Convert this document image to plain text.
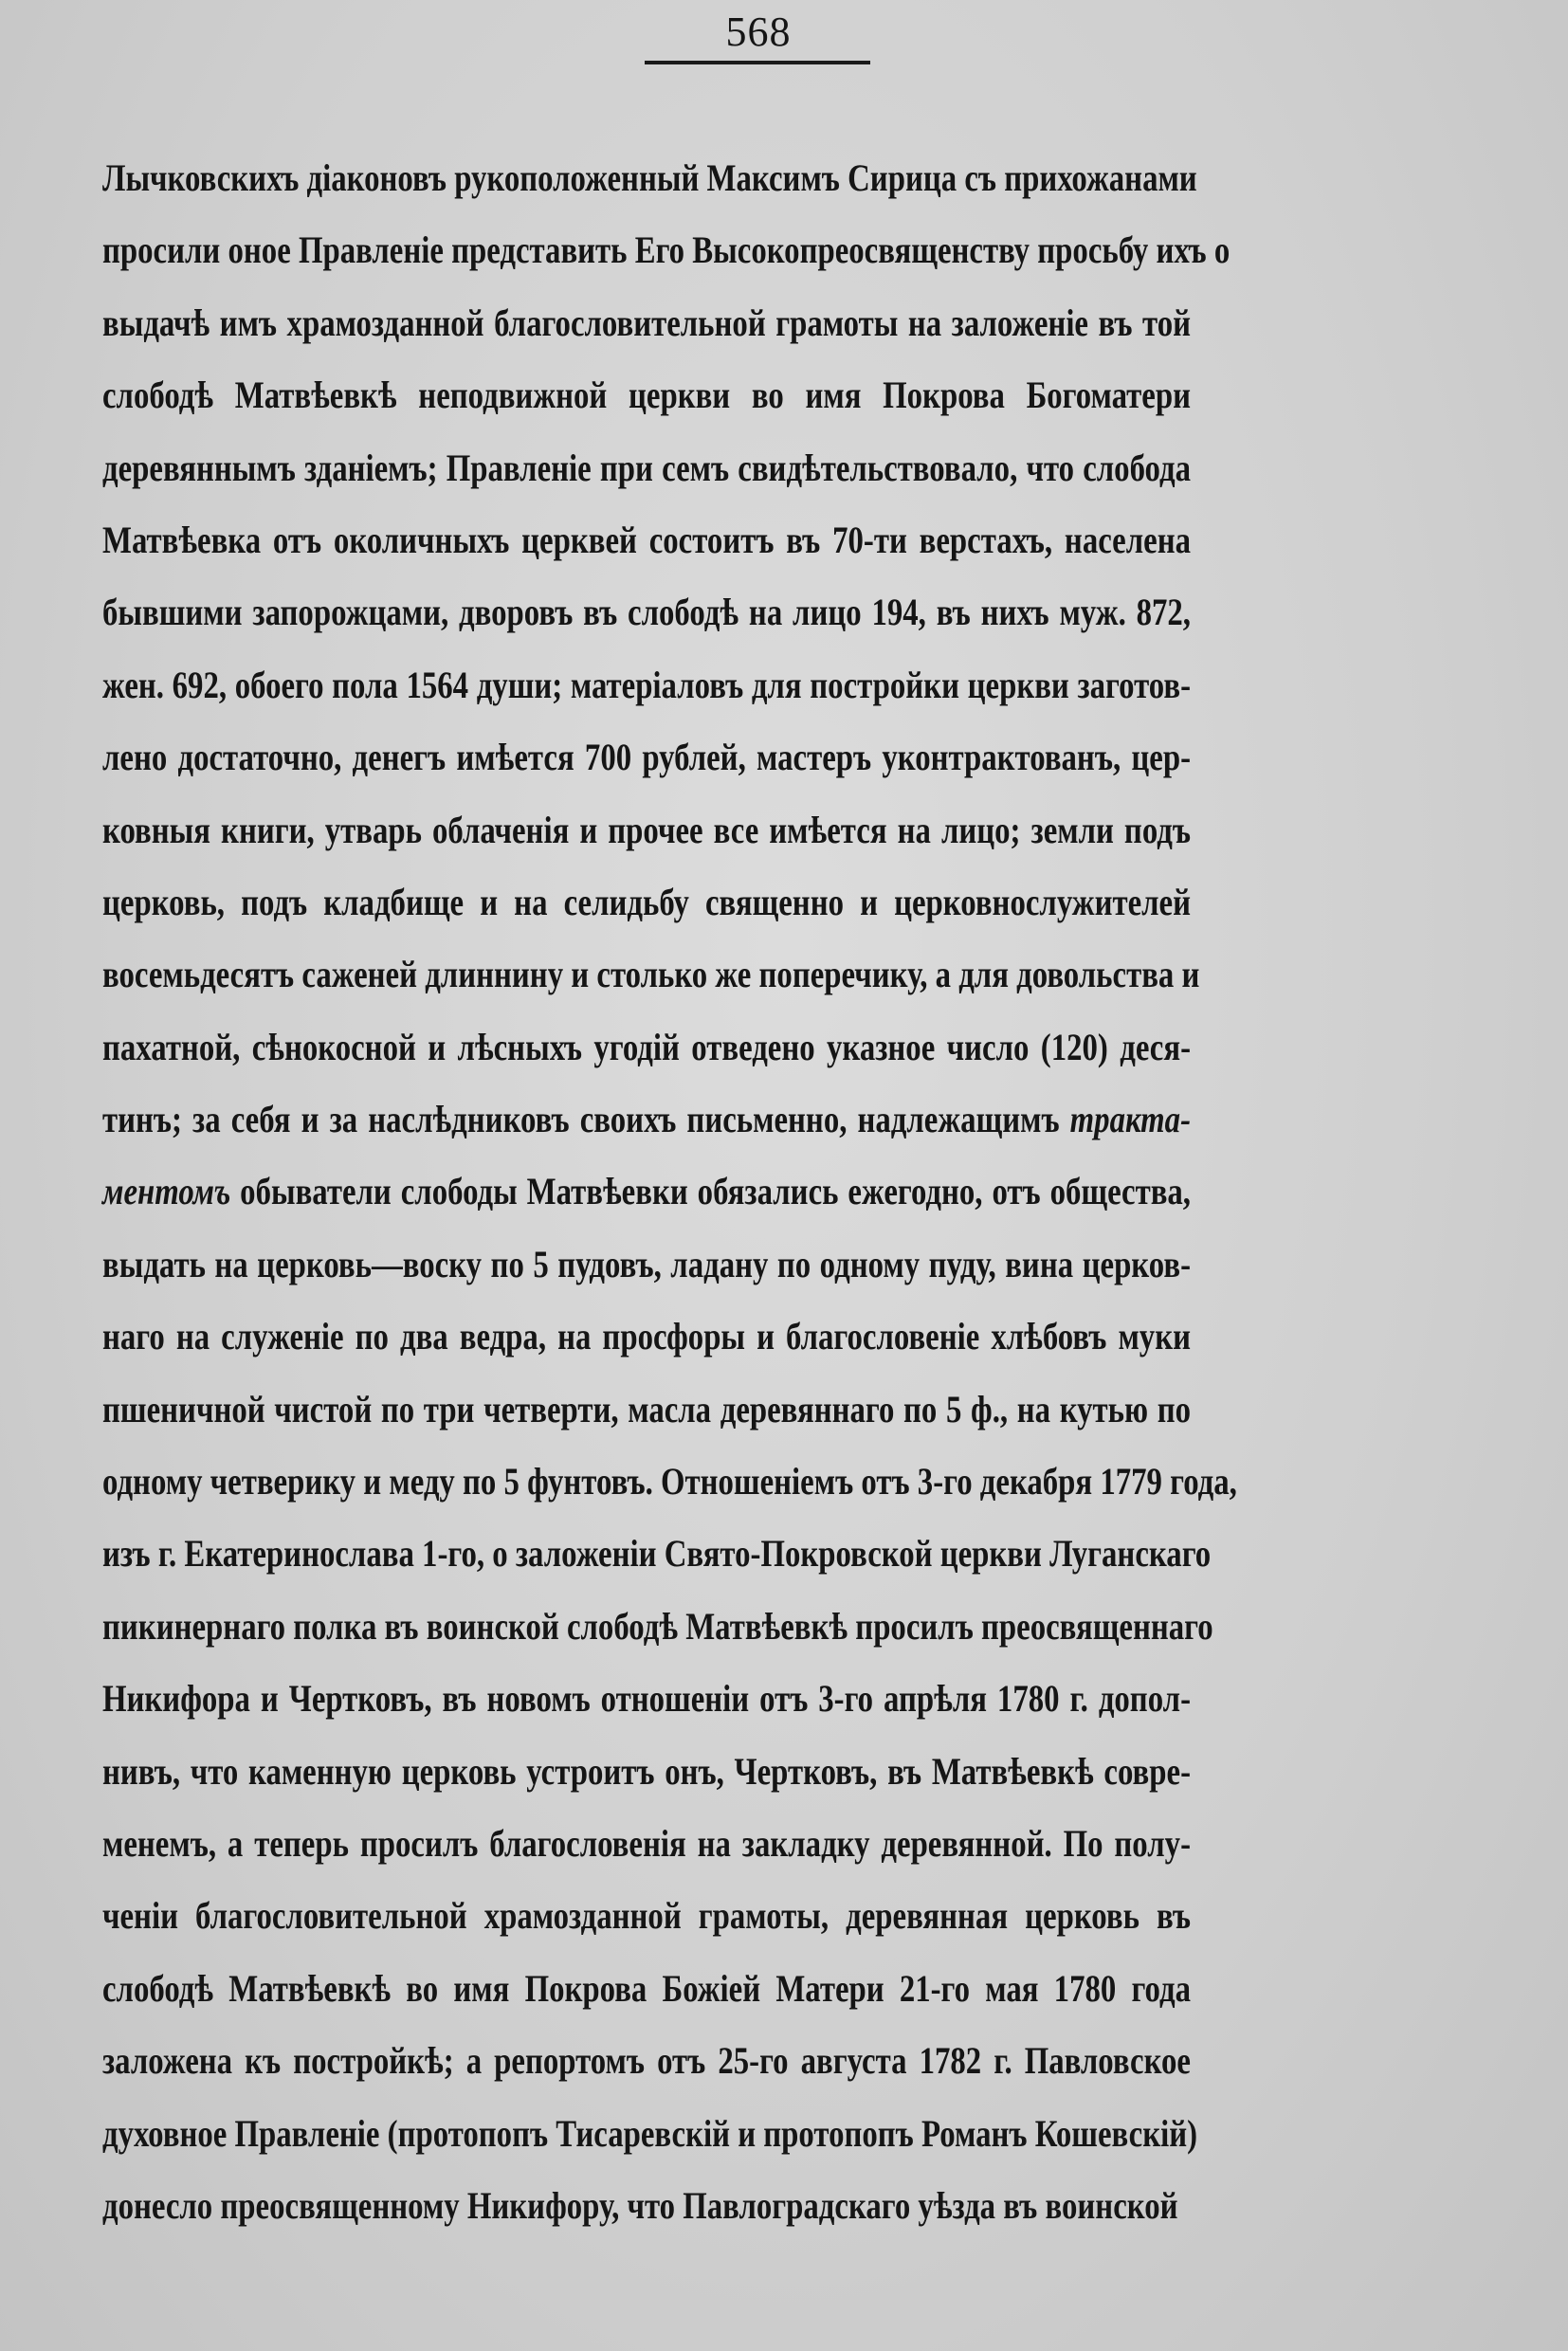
568
Лычковскихъ діаконовъ рукоположенный Максимъ Сирица съ прихожанами
просили оное Правленіе представить Его Высокопреосвященству просьбу ихъ о
выдачѣ имъ храмозданной благословительной грамоты на заложеніе въ той
слободѣ Матвѣевкѣ неподвижной церкви во имя Покрова Богоматери
деревяннымъ зданіемъ; Правленіе при семъ свидѣтельствовало, что слобода
Матвѣевка отъ околичныхъ церквей состоитъ въ 70-ти верстахъ, населена
бывшими запорожцами, дворовъ въ слободѣ на лицо 194, въ нихъ муж. 872,
жен. 692, обоего пола 1564 души; матеріаловъ для постройки церкви заготов-
лено достаточно, денегъ имѣется 700 рублей, мастеръ уконтрактованъ, цер-
ковныя книги, утварь облаченія и прочее все имѣется на лицо; земли подъ
церковь, подъ кладбище и на селидьбу священно и церковнослужителей
восемьдесятъ саженей длиннину и столько же поперечику, а для довольства и
пахатной, сѣнокосной и лѣсныхъ угодій отведено указное число (120) деся-
тинъ; за себя и за наслѣдниковъ своихъ письменно, надлежащимъ тракта-
ментомъ обыватели слободы Матвѣевки обязались ежегодно, отъ общества,
выдать на церковь—воску по 5 пудовъ, ладану по одному пуду, вина церков-
наго на служеніе по два ведра, на просфоры и благословеніе хлѣбовъ муки
пшеничной чистой по три четверти, масла деревяннаго по 5 ф., на кутью по
одному четверику и меду по 5 фунтовъ. Отношеніемъ отъ 3-го декабря 1779 года,
изъ г. Екатеринослава 1-го, о заложеніи Свято-Покровской церкви Луганскаго
пикинернаго полка въ воинской слободѣ Матвѣевкѣ просилъ преосвященнаго
Никифора и Чертковъ, въ новомъ отношеніи отъ 3-го апрѣля 1780 г. допол-
нивъ, что каменную церковь устроитъ онъ, Чертковъ, въ Матвѣевкѣ совре-
менемъ, а теперь просилъ благословенія на закладку деревянной. По полу-
ченіи благословительной храмозданной грамоты, деревянная церковь въ
слободѣ Матвѣевкѣ во имя Покрова Божіей Матери 21-го мая 1780 года
заложена къ постройкѣ; а репортомъ отъ 25-го августа 1782 г. Павловское
духовное Правленіе (протопопъ Тисаревскій и протопопъ Романъ Кошевскій)
донесло преосвященному Никифору, что Павлоградскаго уѣзда въ воинской
